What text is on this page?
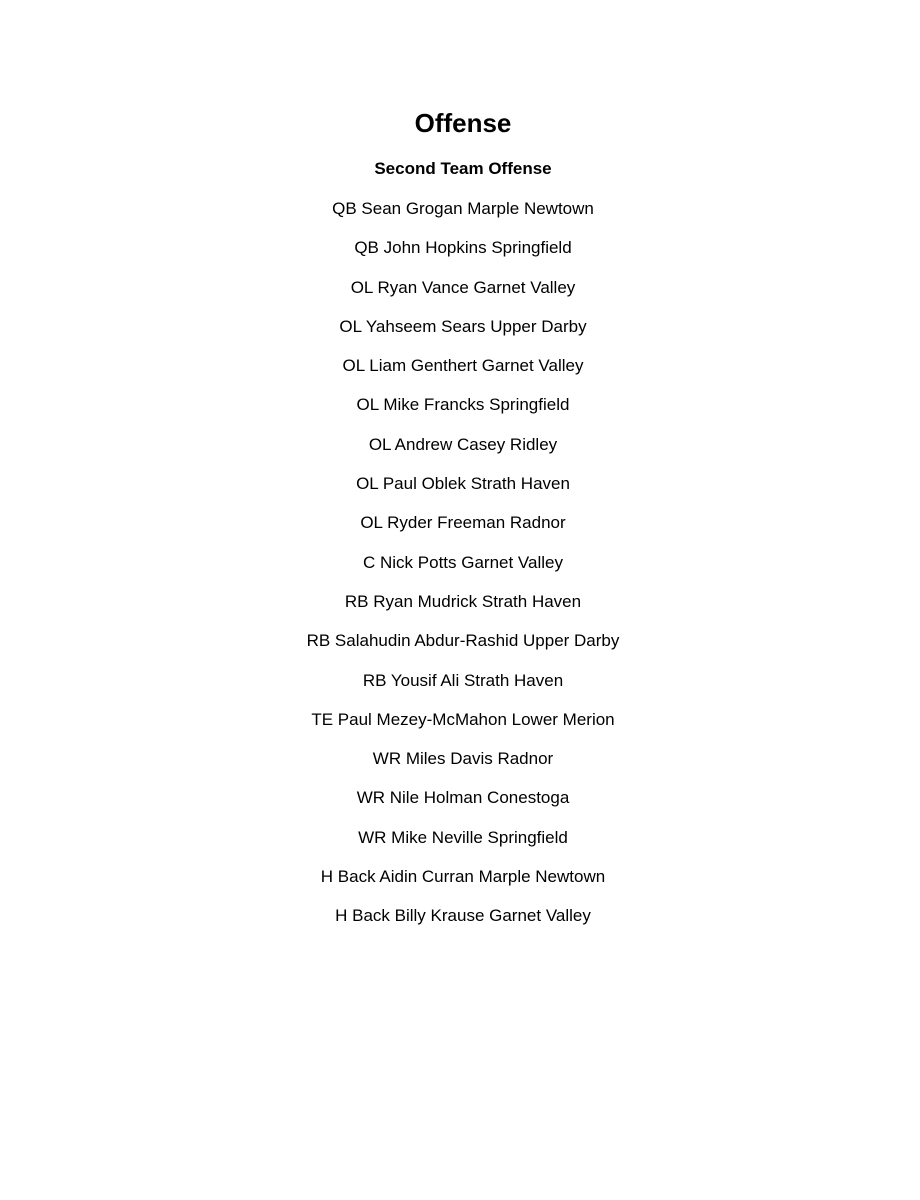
Offense
Second Team Offense
QB Sean Grogan Marple Newtown
QB John Hopkins Springfield
OL Ryan Vance Garnet Valley
OL Yahseem Sears Upper Darby
OL Liam Genthert Garnet Valley
OL Mike Francks Springfield
OL Andrew Casey Ridley
OL Paul Oblek Strath Haven
OL Ryder Freeman Radnor
C Nick Potts Garnet Valley
RB Ryan Mudrick Strath Haven
RB Salahudin Abdur-Rashid Upper Darby
RB Yousif Ali Strath Haven
TE Paul Mezey-McMahon Lower Merion
WR Miles Davis Radnor
WR Nile Holman Conestoga
WR Mike Neville Springfield
H Back Aidin Curran Marple Newtown
H Back Billy Krause Garnet Valley
